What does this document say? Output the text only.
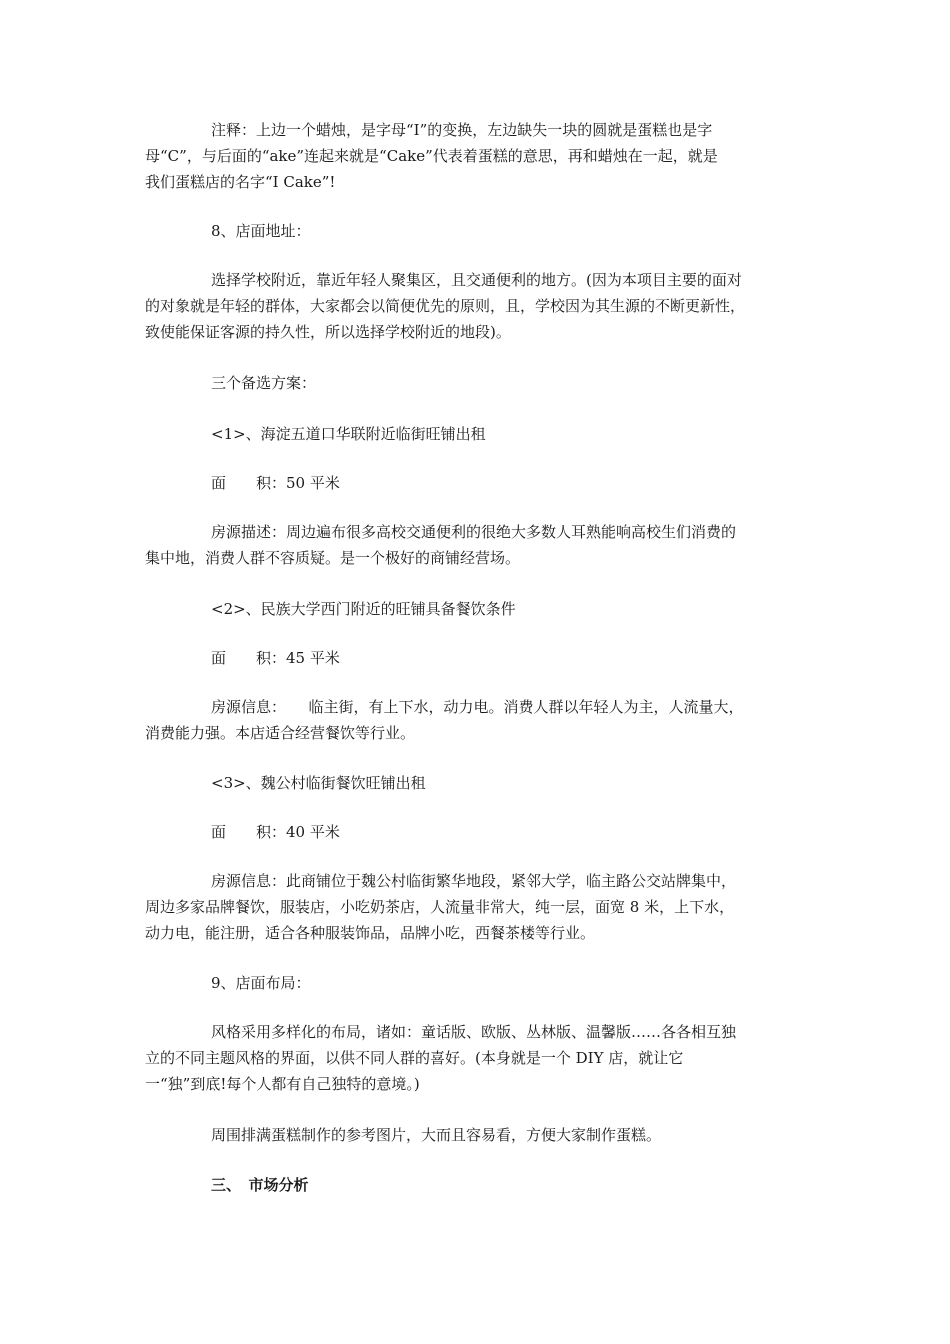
注释：上边一个蜡烛，是字母“I”的变换，左边缺失一块的圆就是蛋糕也是字
母“C”，与后面的“ake”连起来就是“Cake”代表着蛋糕的意思，再和蜡烛在一起，就是
我们蛋糕店的名字“I Cake”!
8、店面地址：
选择学校附近，靠近年轻人聚集区，且交通便利的地方。(因为本项目主要的面对
的对象就是年轻的群体，大家都会以简便优先的原则，且，学校因为其生源的不断更新性，
致使能保证客源的持久性，所以选择学校附近的地段)。
三个备选方案：
<1>、海淀五道口华联附近临街旺铺出租
面　　积：50 平米
房源描述：周边遍布很多高校交通便利的很绝大多数人耳熟能响高校生们消费的
集中地，消费人群不容质疑。是一个极好的商铺经营场。
<2>、民族大学西门附近的旺铺具备餐饮条件
面　　积：45 平米
房源信息：　　临主街，有上下水，动力电。消费人群以年轻人为主，人流量大，
消费能力强。本店适合经营餐饮等行业。
<3>、魏公村临街餐饮旺铺出租
面　　积：40 平米
房源信息：此商铺位于魏公村临街繁华地段，紧邻大学，临主路公交站牌集中，
周边多家品牌餐饮，服装店，小吃奶茶店，人流量非常大，纯一层，面宽 8 米，上下水，
动力电，能注册，适合各种服装饰品，品牌小吃，西餐茶楼等行业。
9、店面布局：
风格采用多样化的布局，诸如：童话版、欧版、丛林版、温馨版……各各相互独
立的不同主题风格的界面，以供不同人群的喜好。(本身就是一个 DIY 店，就让它
一“独”到底!每个人都有自己独特的意境。)
周围排满蛋糕制作的参考图片，大而且容易看，方便大家制作蛋糕。
三、　市场分析
